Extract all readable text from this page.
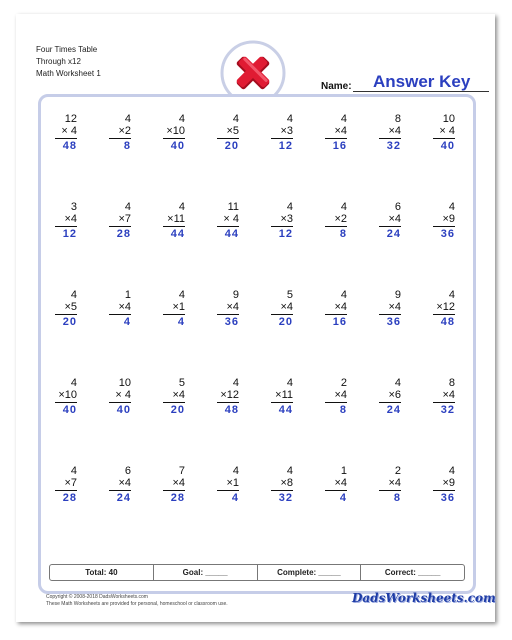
Four Times Table
Through x12
Math Worksheet 1
Name: Answer Key
12
× 4
48
4
×2
8
4
×10
40
4
×5
20
4
×3
12
4
×4
16
8
×4
32
10
× 4
40
3
×4
12
4
×7
28
4
×11
44
11
× 4
44
4
×3
12
4
×2
8
6
×4
24
4
×9
36
4
×5
20
1
×4
4
4
×1
4
9
×4
36
5
×4
20
4
×4
16
9
×4
36
4
×12
48
4
×10
40
10
× 4
40
5
×4
20
4
×12
48
4
×11
44
2
×4
8
4
×6
24
8
×4
32
4
×7
28
6
×4
24
7
×4
28
4
×1
4
4
×8
32
1
×4
4
2
×4
8
4
×9
36
Total: 40	Goal: _____	Complete: _____	Correct: _____
Copyright © 2008-2018 DadsWorksheets.com
These Math Worksheets are provided for personal, homeschool or classroom use.	DadsWorksheets.com
